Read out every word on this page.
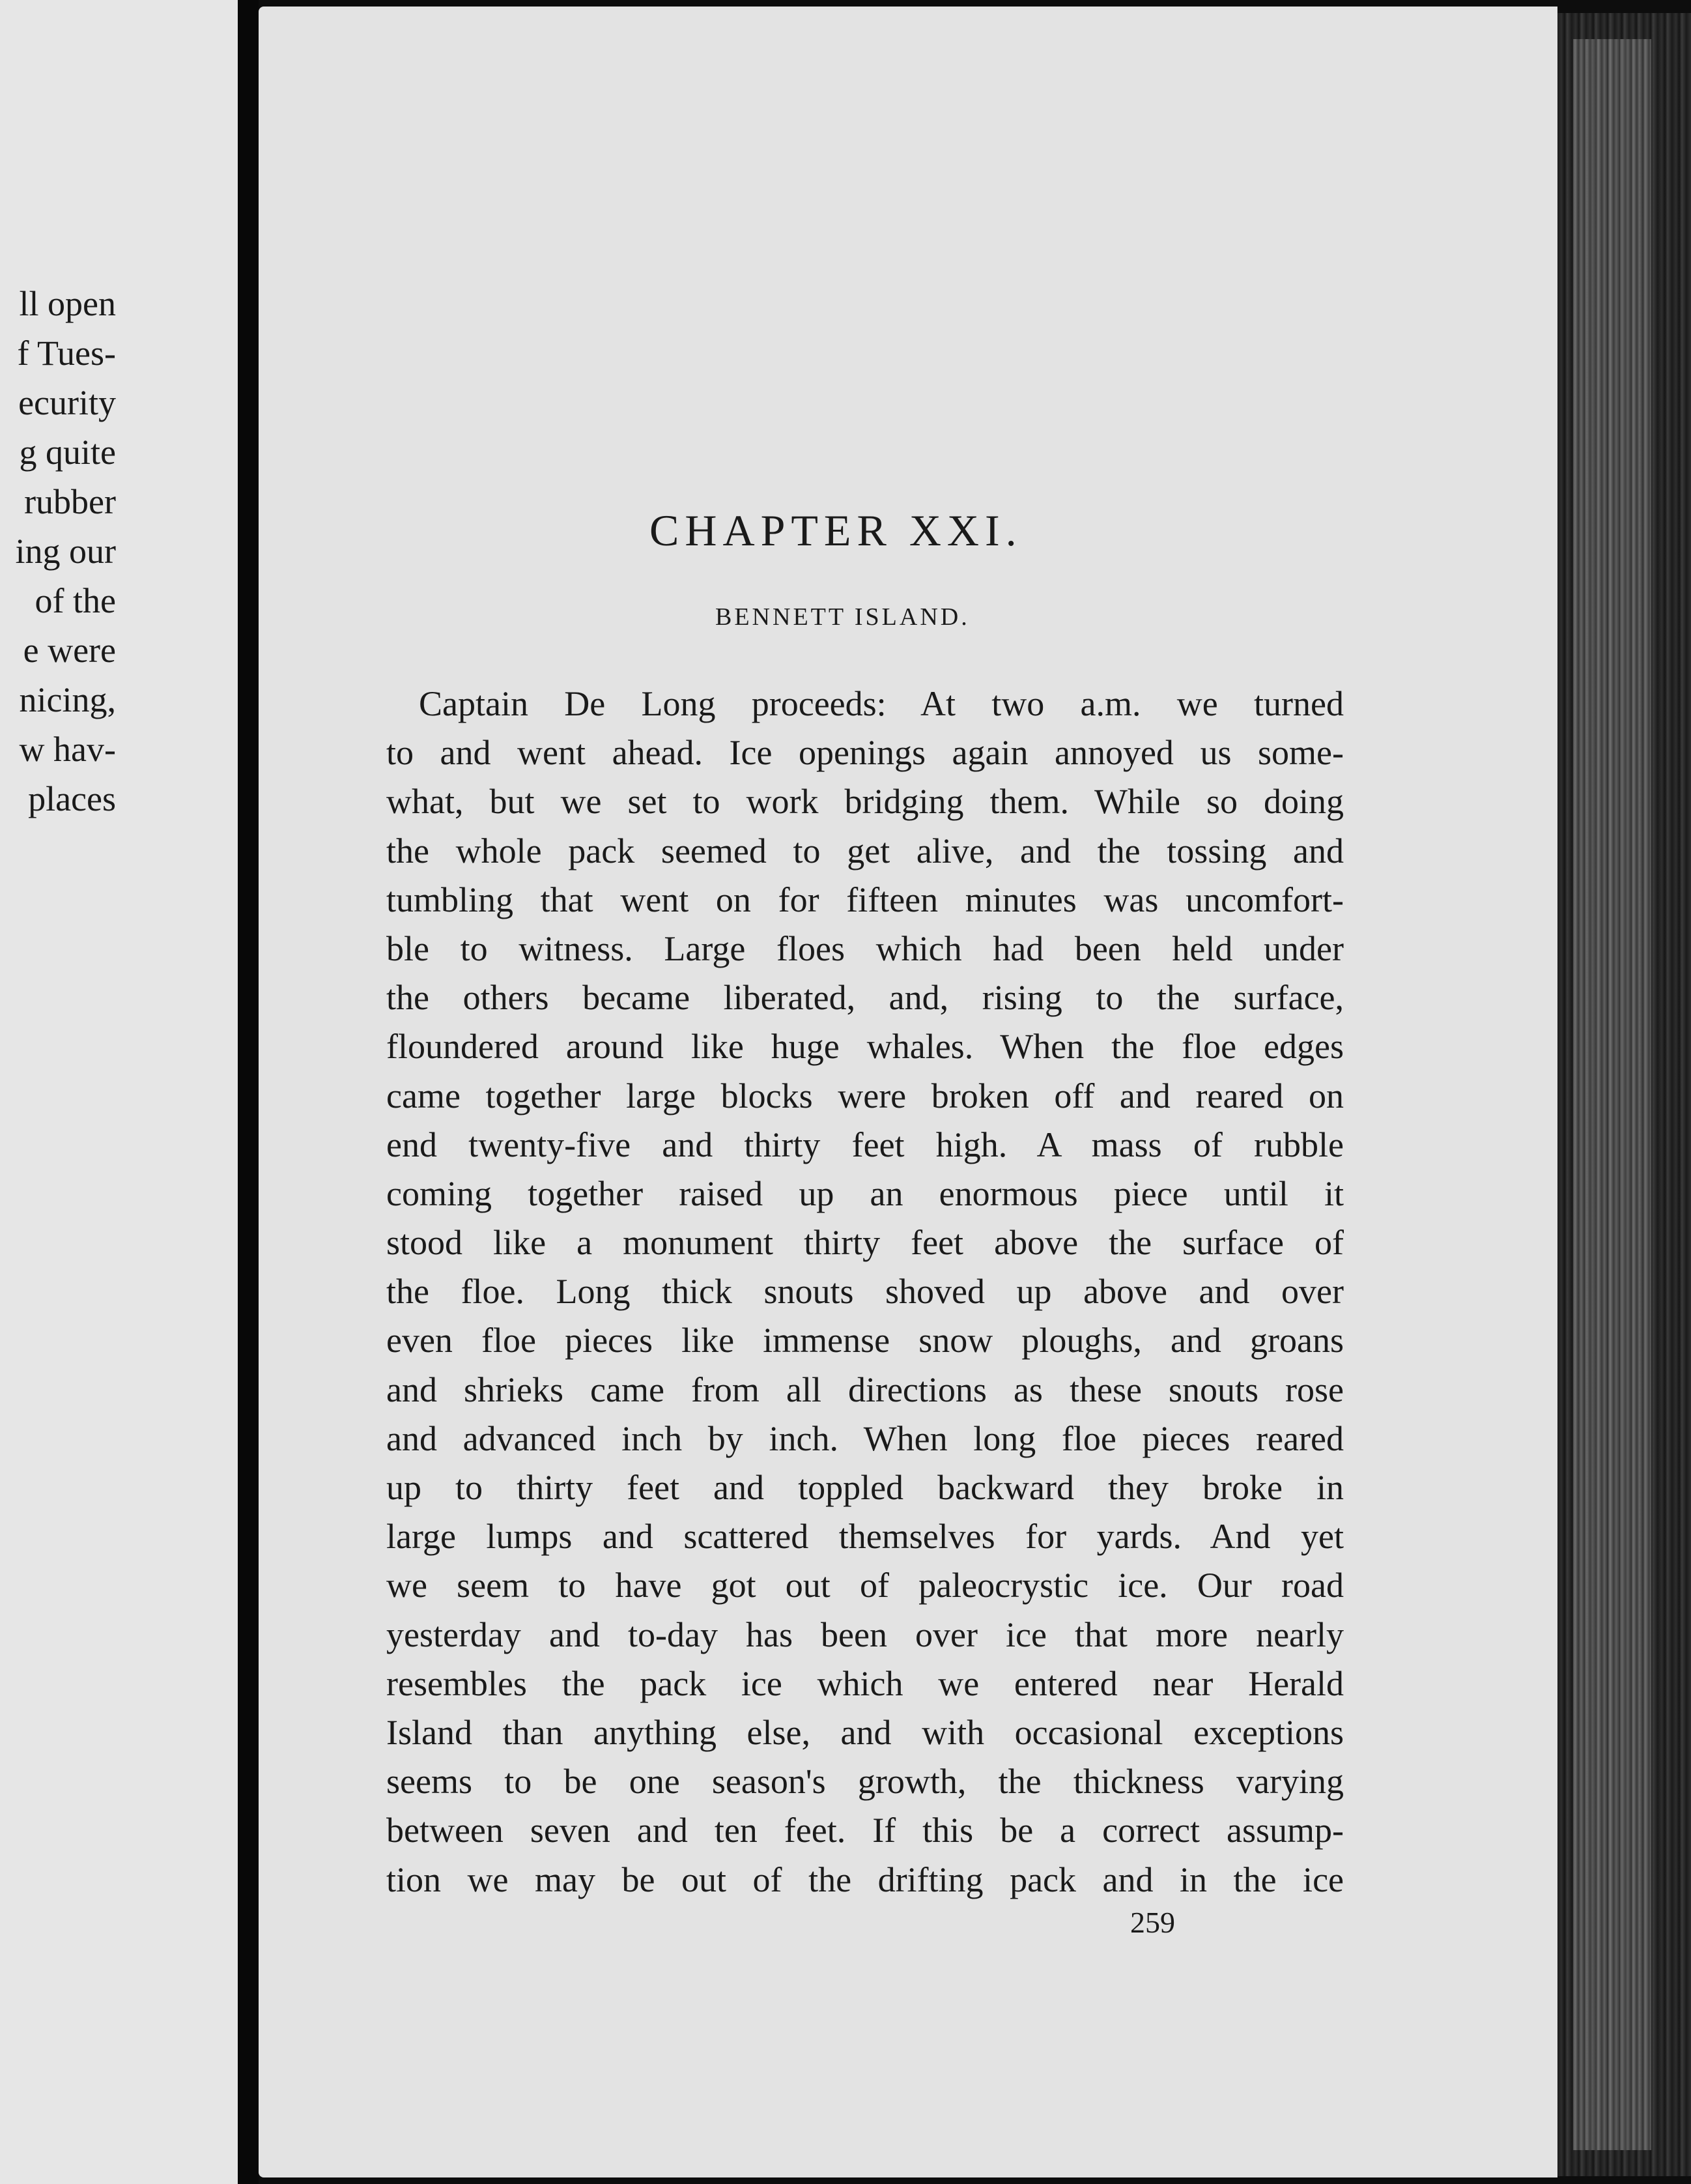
ll open
f Tues-
ecurity
g quite
rubber
ing our
of the
e were
nicing,
w hav-
places
CHAPTER XXI.
BENNETT ISLAND.
Captain De Long proceeds: At two a.m. we turned
to and went ahead. Ice openings again annoyed us some-
what, but we set to work bridging them. While so doing
the whole pack seemed to get alive, and the tossing and
tumbling that went on for fifteen minutes was uncomfort-
ble to witness. Large floes which had been held under
the others became liberated, and, rising to the surface,
floundered around like huge whales. When the floe edges
came together large blocks were broken off and reared on
end twenty-five and thirty feet high. A mass of rubble
coming together raised up an enormous piece until it
stood like a monument thirty feet above the surface of
the floe. Long thick snouts shoved up above and over
even floe pieces like immense snow ploughs, and groans
and shrieks came from all directions as these snouts rose
and advanced inch by inch. When long floe pieces reared
up to thirty feet and toppled backward they broke in
large lumps and scattered themselves for yards. And yet
we seem to have got out of paleocrystic ice. Our road
yesterday and to-day has been over ice that more nearly
resembles the pack ice which we entered near Herald
Island than anything else, and with occasional exceptions
seems to be one season's growth, the thickness varying
between seven and ten feet. If this be a correct assump-
tion we may be out of the drifting pack and in the ice
259
